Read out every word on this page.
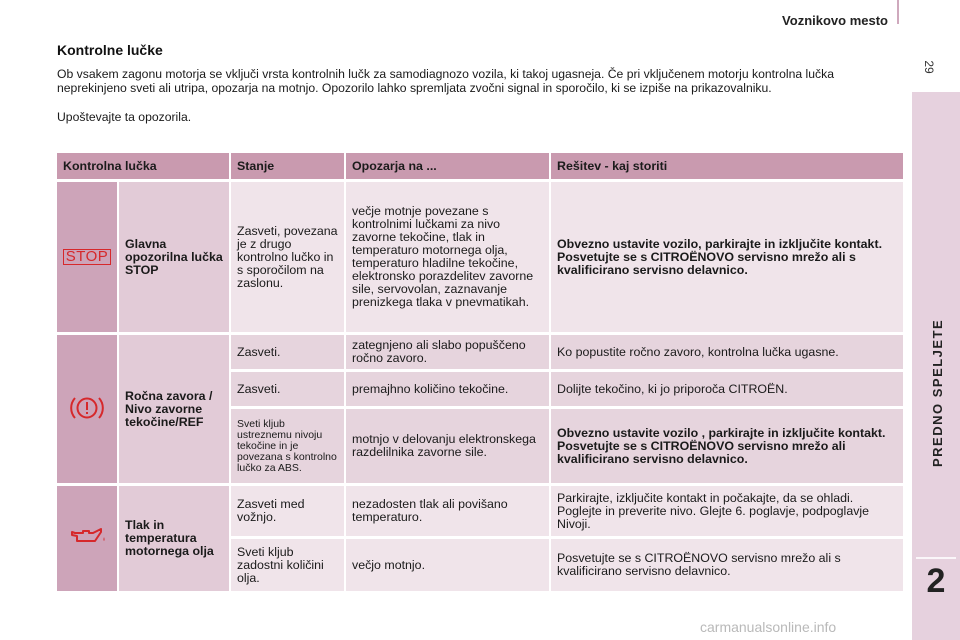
Voznikovo mesto
29
PREDNO SPELJETE
2
Kontrolne lučke
Ob vsakem zagonu motorja se vključi vrsta kontrolnih lučk za samodiagnozo vozila, ki takoj ugasneja. Če pri vključenem motorju kontrolna lučka neprekinjeno sveti ali utripa, opozarja na motnjo. Opozorilo lahko spremljata zvočni signal in sporočilo, ki se izpiše na prikazovalniku.
Upoštevajte ta opozorila.
Kontrolna lučka		Stanje	Opozarja na ...	Rešitev - kaj storiti
STOP	Glavna opozorilna lučka STOP	Zasveti, povezana je z drugo kontrolno lučko in s sporočilom na zaslonu.	večje motnje povezane s kontrolnimi lučkami za nivo zavorne tekočine, tlak in temperaturo motornega olja, temperaturo hladilne tekočine, elektronsko porazdelitev zavorne sile, servovolan, zaznavanje prenizkega tlaka v pnevmatikah.	Obvezno ustavite vozilo, parkirajte in izključite kontakt. Posvetujte se s CITROËNOVO servisno mrežo ali s kvalificirano servisno delavnico.
	Ročna zavora / Nivo zavorne tekočine/REF	Zasveti.	zategnjeno ali slabo popuščeno ročno zavoro.	Ko popustite ročno zavoro, kontrolna lučka ugasne.
		Zasveti.	premajhno količino tekočine.	Dolijte tekočino, ki jo priporoča CITROËN.
		Sveti kljub ustreznemu nivoju tekočine in je povezana s kontrolno lučko za ABS.	motnjo v delovanju elektronskega razdelilnika zavorne sile.	Obvezno ustavite vozilo , parkirajte in izključite kontakt. Posvetujte se s CITROËNOVO servisno mrežo ali kvalificirano servisno delavnico.
	Tlak in temperatura motornega olja	Zasveti med vožnjo.	nezadosten tlak ali povišano temperaturo.	Parkirajte, izključite kontakt in počakajte, da se ohladi. Poglejte in preverite nivo. Glejte 6. poglavje, podpoglavje Nivoji.
		Sveti kljub zadostni količini olja.	večjo motnjo.	Posvetujte se s CITROËNOVO servisno mrežo ali s kvalificirano servisno delavnico.
carmanualsonline.info
